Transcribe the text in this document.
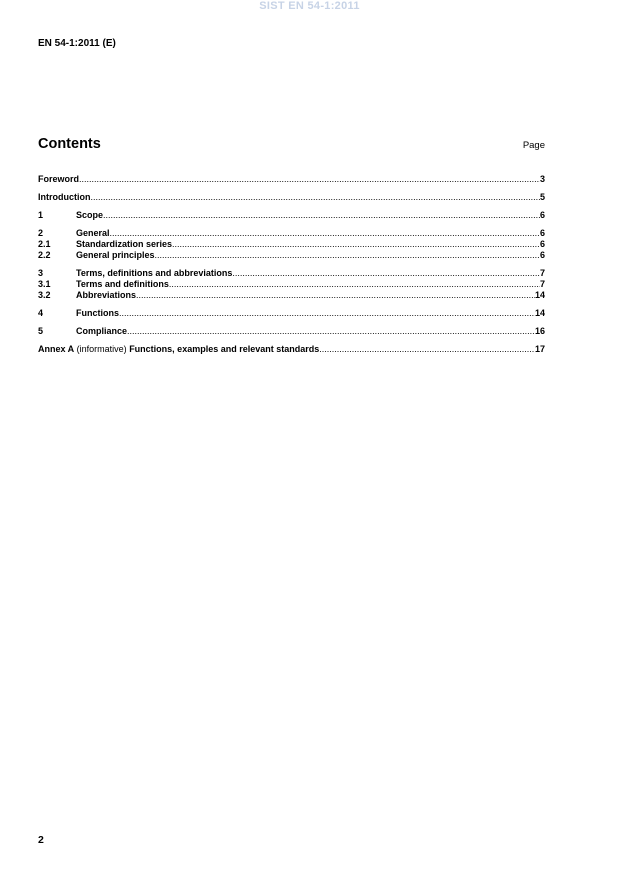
SIST EN 54-1:2011
EN 54-1:2011 (E)
Contents	Page
Foreword .....	3
Introduction .....	5
1	Scope .....	6
2	General .....	6
2.1	Standardization series .....	6
2.2	General principles .....	6
3	Terms, definitions and abbreviations .....	7
3.1	Terms and definitions .....	7
3.2	Abbreviations .....	14
4	Functions .....	14
5	Compliance .....	16
Annex A (informative) Functions, examples and relevant standards .....	17
2
